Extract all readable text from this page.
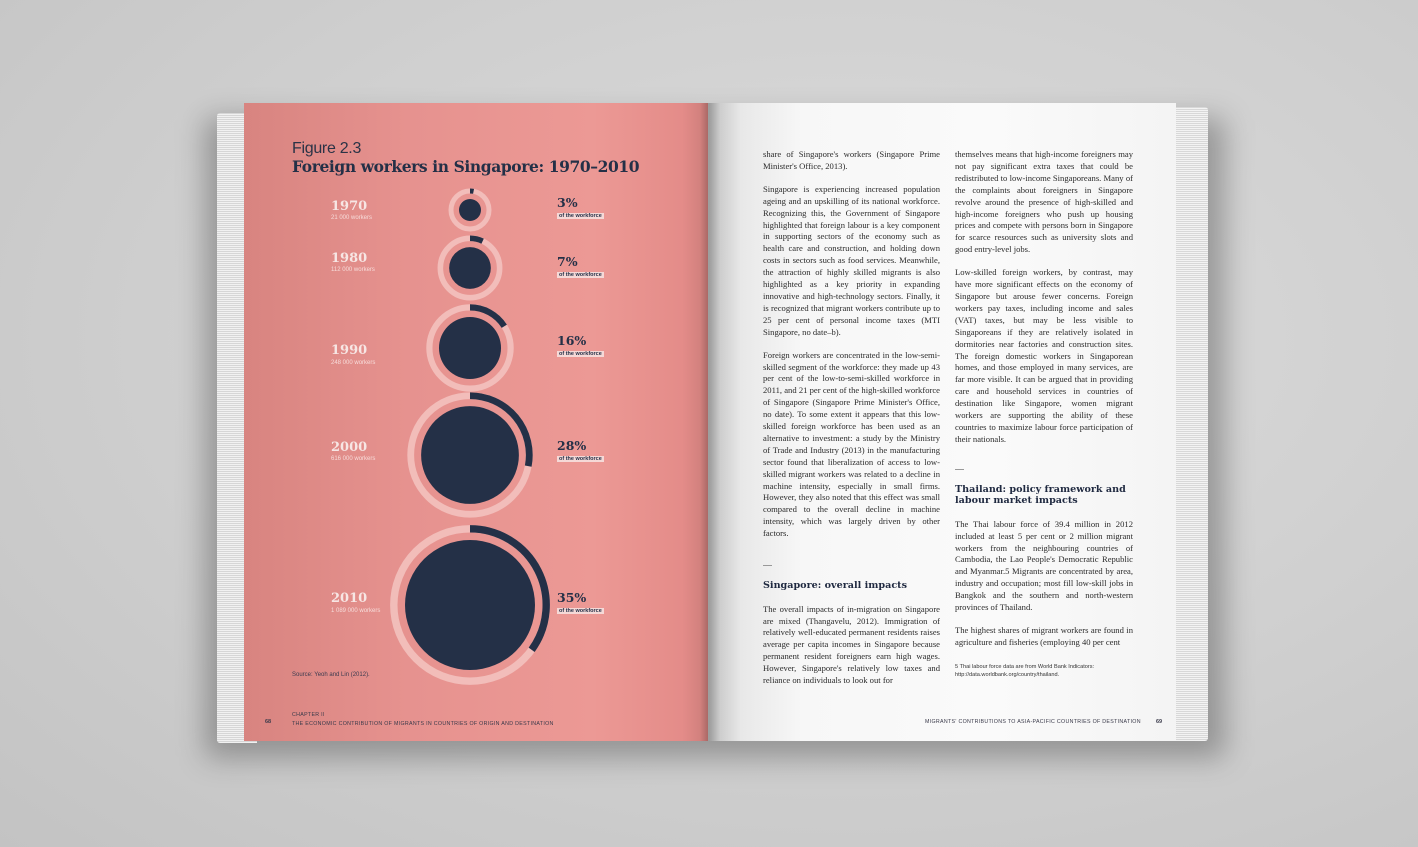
Figure 2.3
Foreign workers in Singapore: 1970–2010
1970
21 000 workers
3%
of the workforce
1980
112 000 workers
7%
of the workforce
1990
248 000 workers
16%
of the workforce
2000
616 000 workers
28%
of the workforce
2010
1 089 000 workers
35%
of the workforce
Source: Yeoh and Lin (2012).
68
CHAPTER II
THE ECONOMIC CONTRIBUTION OF MIGRANTS IN COUNTRIES OF ORIGIN AND DESTINATION

share of Singapore's workers (Singapore Prime Minister's Office, 2013).

Singapore is experiencing increased population ageing and an upskilling of its national workforce. Recognizing this, the Government of Singapore highlighted that foreign labour is a key component in supporting sectors of the economy such as health care and construction, and holding down costs in sectors such as food services. Meanwhile, the attraction of highly skilled migrants is also highlighted as a key priority in expanding innovative and high-technology sectors. Finally, it is recognized that migrant workers contribute up to 25 per cent of personal income taxes (MTI Singapore, no date–b).

Foreign workers are concentrated in the low-semi-skilled segment of the workforce: they made up 43 per cent of the low-to-semi-skilled workforce in 2011, and 21 per cent of the high-skilled workforce of Singapore (Singapore Prime Minister's Office, no date). To some extent it appears that this low-skilled foreign workforce has been used as an alternative to investment: a study by the Ministry of Trade and Industry (2013) in the manufacturing sector found that liberalization of access to low-skilled migrant workers was related to a decline in machine intensity, especially in small firms. However, they also noted that this effect was small compared to the overall decline in machine intensity, which was largely driven by other factors.

Singapore: overall impacts

The overall impacts of in-migration on Singapore are mixed (Thangavelu, 2012). Immigration of relatively well-educated permanent residents raises average per capita incomes in Singapore because permanent resident foreigners earn high wages. However, Singapore's relatively low taxes and reliance on individuals to look out for

themselves means that high-income foreigners may not pay significant extra taxes that could be redistributed to low-income Singaporeans. Many of the complaints about foreigners in Singapore revolve around the presence of high-skilled and high-income foreigners who push up housing prices and compete with persons born in Singapore for scarce resources such as university slots and good entry-level jobs.

Low-skilled foreign workers, by contrast, may have more significant effects on the economy of Singapore but arouse fewer concerns. Foreign workers pay taxes, including income and sales (VAT) taxes, but may be less visible to Singaporeans if they are relatively isolated in dormitories near factories and construction sites. The foreign domestic workers in Singaporean homes, and those employed in many services, are far more visible. It can be argued that in providing care and household services in countries of destination like Singapore, women migrant workers are supporting the ability of these countries to maximize labour force participation of their nationals.

Thailand: policy framework and labour market impacts

The Thai labour force of 39.4 million in 2012 included at least 5 per cent or 2 million migrant workers from the neighbouring countries of Cambodia, the Lao People's Democratic Republic and Myanmar.5 Migrants are concentrated by area, industry and occupation; most fill low-skill jobs in Bangkok and the southern and north-western provinces of Thailand.

The highest shares of migrant workers are found in agriculture and fisheries (employing 40 per cent

5 Thai labour force data are from World Bank Indicators: http://data.worldbank.org/country/thailand.
MIGRANTS' CONTRIBUTIONS TO ASIA-PACIFIC COUNTRIES OF DESTINATION	69
